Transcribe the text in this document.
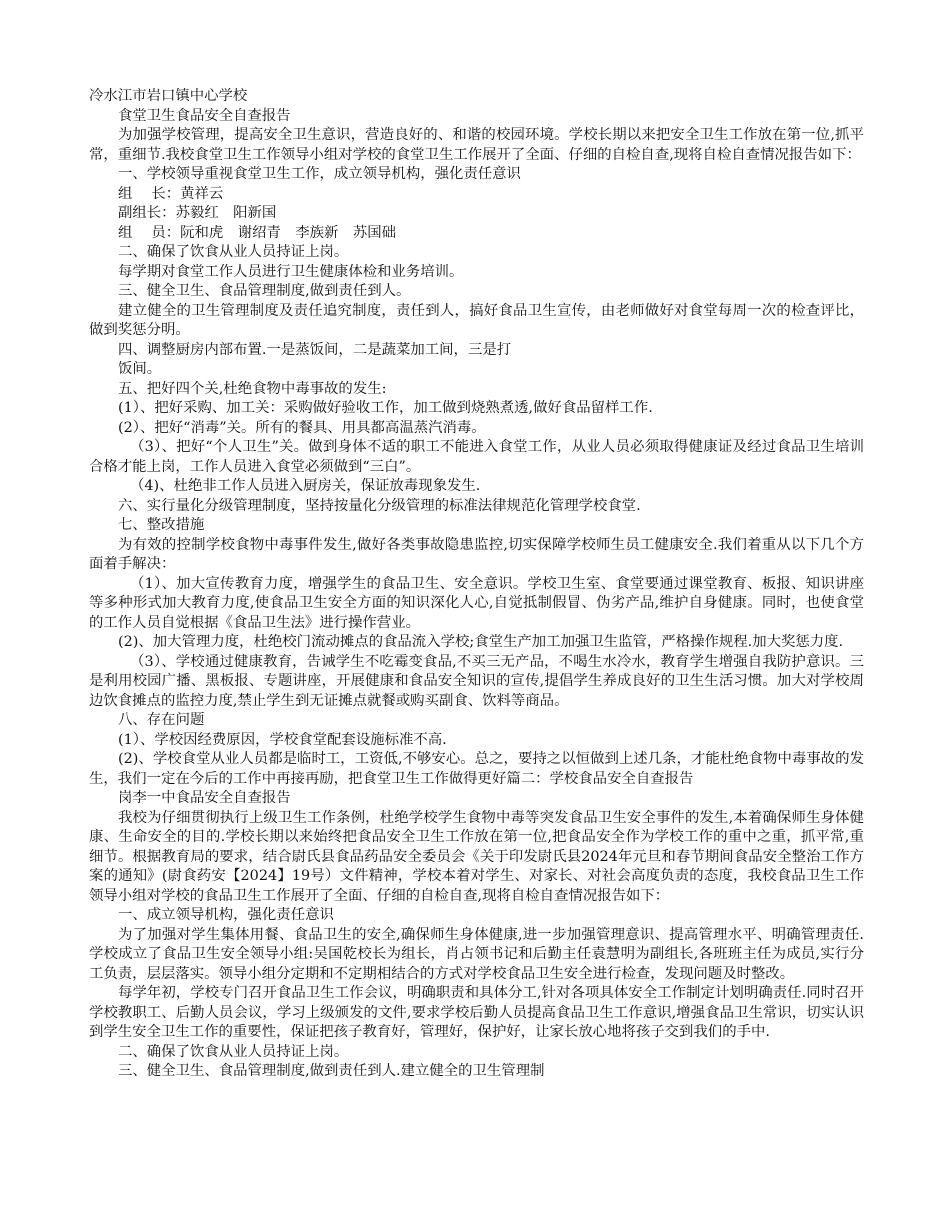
冷水江市岩口镇中心学校

食堂卫生食品安全自查报告

为加强学校管理，提高安全卫生意识，营造良好的、和谐的校园环境。学校长期以来把安全卫生工作放在第一位,抓平常，重细节.我校食堂卫生工作领导小组对学校的食堂卫生工作展开了全面、仔细的自检自查,现将自检自查情况报告如下：

一、学校领导重视食堂卫生工作，成立领导机构，强化责任意识

组　 长：黄祥云

副组长：苏毅红　阳新国

组　 员：阮和虎　谢绍青　李族新　苏国础

二、确保了饮食从业人员持证上岗。

每学期对食堂工作人员进行卫生健康体检和业务培训。

三、健全卫生、食品管理制度,做到责任到人。

建立健全的卫生管理制度及责任追究制度，责任到人，搞好食品卫生宣传，由老师做好对食堂每周一次的检查评比，做到奖惩分明。

四、调整厨房内部布置.一是蒸饭间，二是蔬菜加工间，三是打

饭间。

五、把好四个关,杜绝食物中毒事故的发生:

(1）、把好采购、加工关：采购做好验收工作，加工做到烧熟煮透,做好食品留样工作.

(2）、把好“消毒”关。所有的餐具、用具都高温蒸汽消毒。

（3）、把好“个人卫生”关。做到身体不适的职工不能进入食堂工作，从业人员必须取得健康证及经过食品卫生培训合格才能上岗，工作人员进入食堂必须做到“三白”。

（4)、杜绝非工作人员进入厨房关，保证放毒现象发生.

六、实行量化分级管理制度，坚持按量化分级管理的标准法律规范化管理学校食堂.

七、整改措施

为有效的控制学校食物中毒事件发生,做好各类事故隐患监控,切实保障学校师生员工健康安全.我们着重从以下几个方面着手解决：

（1）、加大宣传教育力度，增强学生的食品卫生、安全意识。学校卫生室、食堂要通过课堂教育、板报、知识讲座等多种形式加大教育力度,使食品卫生安全方面的知识深化人心,自觉抵制假冒、伪劣产品,维护自身健康。同时，也使食堂的工作人员自觉根据《食品卫生法》进行操作营业。

(2)、加大管理力度，杜绝校门流动摊点的食品流入学校;食堂生产加工加强卫生监管，严格操作规程.加大奖惩力度.

（3）、学校通过健康教育，告诫学生不吃霉变食品,不买三无产品，不喝生水冷水，教育学生增强自我防护意识。三是利用校园广播、黑板报、专题讲座，开展健康和食品安全知识的宣传,提倡学生养成良好的卫生生活习惯。加大对学校周边饮食摊点的监控力度,禁止学生到无证摊点就餐或购买副食、饮料等商品。

八、存在问题

(1）、学校因经费原因，学校食堂配套设施标准不高.

(2)、学校食堂从业人员都是临时工，工资低,不够安心。总之，要持之以恒做到上述几条，才能杜绝食物中毒事故的发生，我们一定在今后的工作中再接再励，把食堂卫生工作做得更好篇二：学校食品安全自查报告

岗李一中食品安全自查报告

我校为仔细贯彻执行上级卫生工作条例，杜绝学校学生食物中毒等突发食品卫生安全事件的发生,本着确保师生身体健康、生命安全的目的.学校长期以来始终把食品安全卫生工作放在第一位,把食品安全作为学校工作的重中之重，抓平常,重细节。根据教育局的要求，结合尉氏县食品药品安全委员会《关于印发尉氏县2024年元旦和春节期间食品安全整治工作方案的通知》(尉食药安【2024】19号）文件精神，学校本着对学生、对家长、对社会高度负责的态度，我校食品卫生工作领导小组对学校的食品卫生工作展开了全面、仔细的自检自查,现将自检自查情况报告如下：

一、成立领导机构，强化责任意识

为了加强对学生集体用餐、食品卫生的安全,确保师生身体健康,进一步加强管理意识、提高管理水平、明确管理责任.学校成立了食品卫生安全领导小组:吴国乾校长为组长，肖占领书记和后勤主任袁慧明为副组长,各班班主任为成员,实行分工负责，层层落实。领导小组分定期和不定期相结合的方式对学校食品卫生安全进行检查，发现问题及时整改。

每学年初，学校专门召开食品卫生工作会议，明确职责和具体分工,针对各项具体安全工作制定计划明确责任.同时召开学校教职工、后勤人员会议，学习上级颁发的文件,要求学校后勤人员提高食品卫生工作意识,增强食品卫生常识，切实认识到学生安全卫生工作的重要性，保证把孩子教育好，管理好，保护好，让家长放心地将孩子交到我们的手中.

二、确保了饮食从业人员持证上岗。

三、健全卫生、食品管理制度,做到责任到人.建立健全的卫生管理制
